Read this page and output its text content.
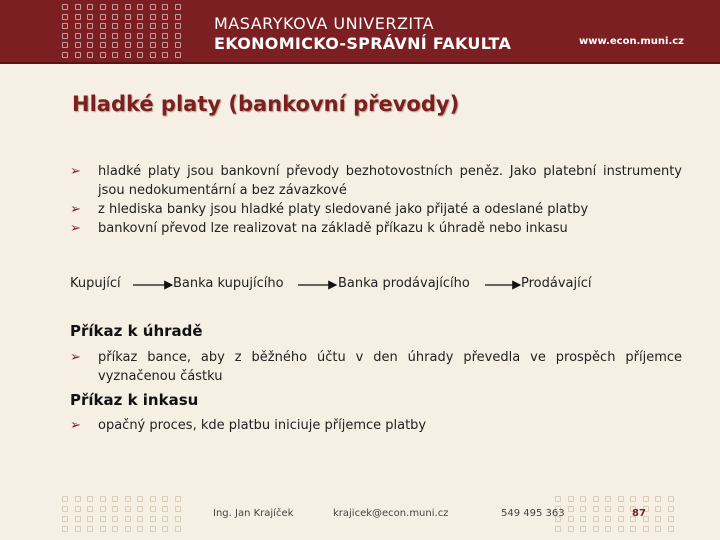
MASARYKOVA UNIVERZITA
EKONOMICKO-SPRÁVNÍ FAKULTA	www.econ.muni.cz
Hladké platy (bankovní převody)
➢ hladké platy jsou bankovní převody bezhotovostních peněz. Jako platební instrumenty jsou nedokumentární a bez závazkové
➢ z hlediska banky jsou hladké platy sledované jako přijaté a odeslané platby
➢ bankovní převod lze realizovat na základě příkazu k úhradě nebo inkasu
Kupující	Banka kupujícího	Banka prodávajícího	Prodávající
Příkaz k úhradě
➢ příkaz bance, aby z běžného účtu v den úhrady převedla ve prospěch příjemce vyznačenou částku
Příkaz k inkasu
➢ opačný proces, kde platbu iniciuje příjemce platby
Ing. Jan Krajíček	krajicek@econ.muni.cz	549 495 363	87
